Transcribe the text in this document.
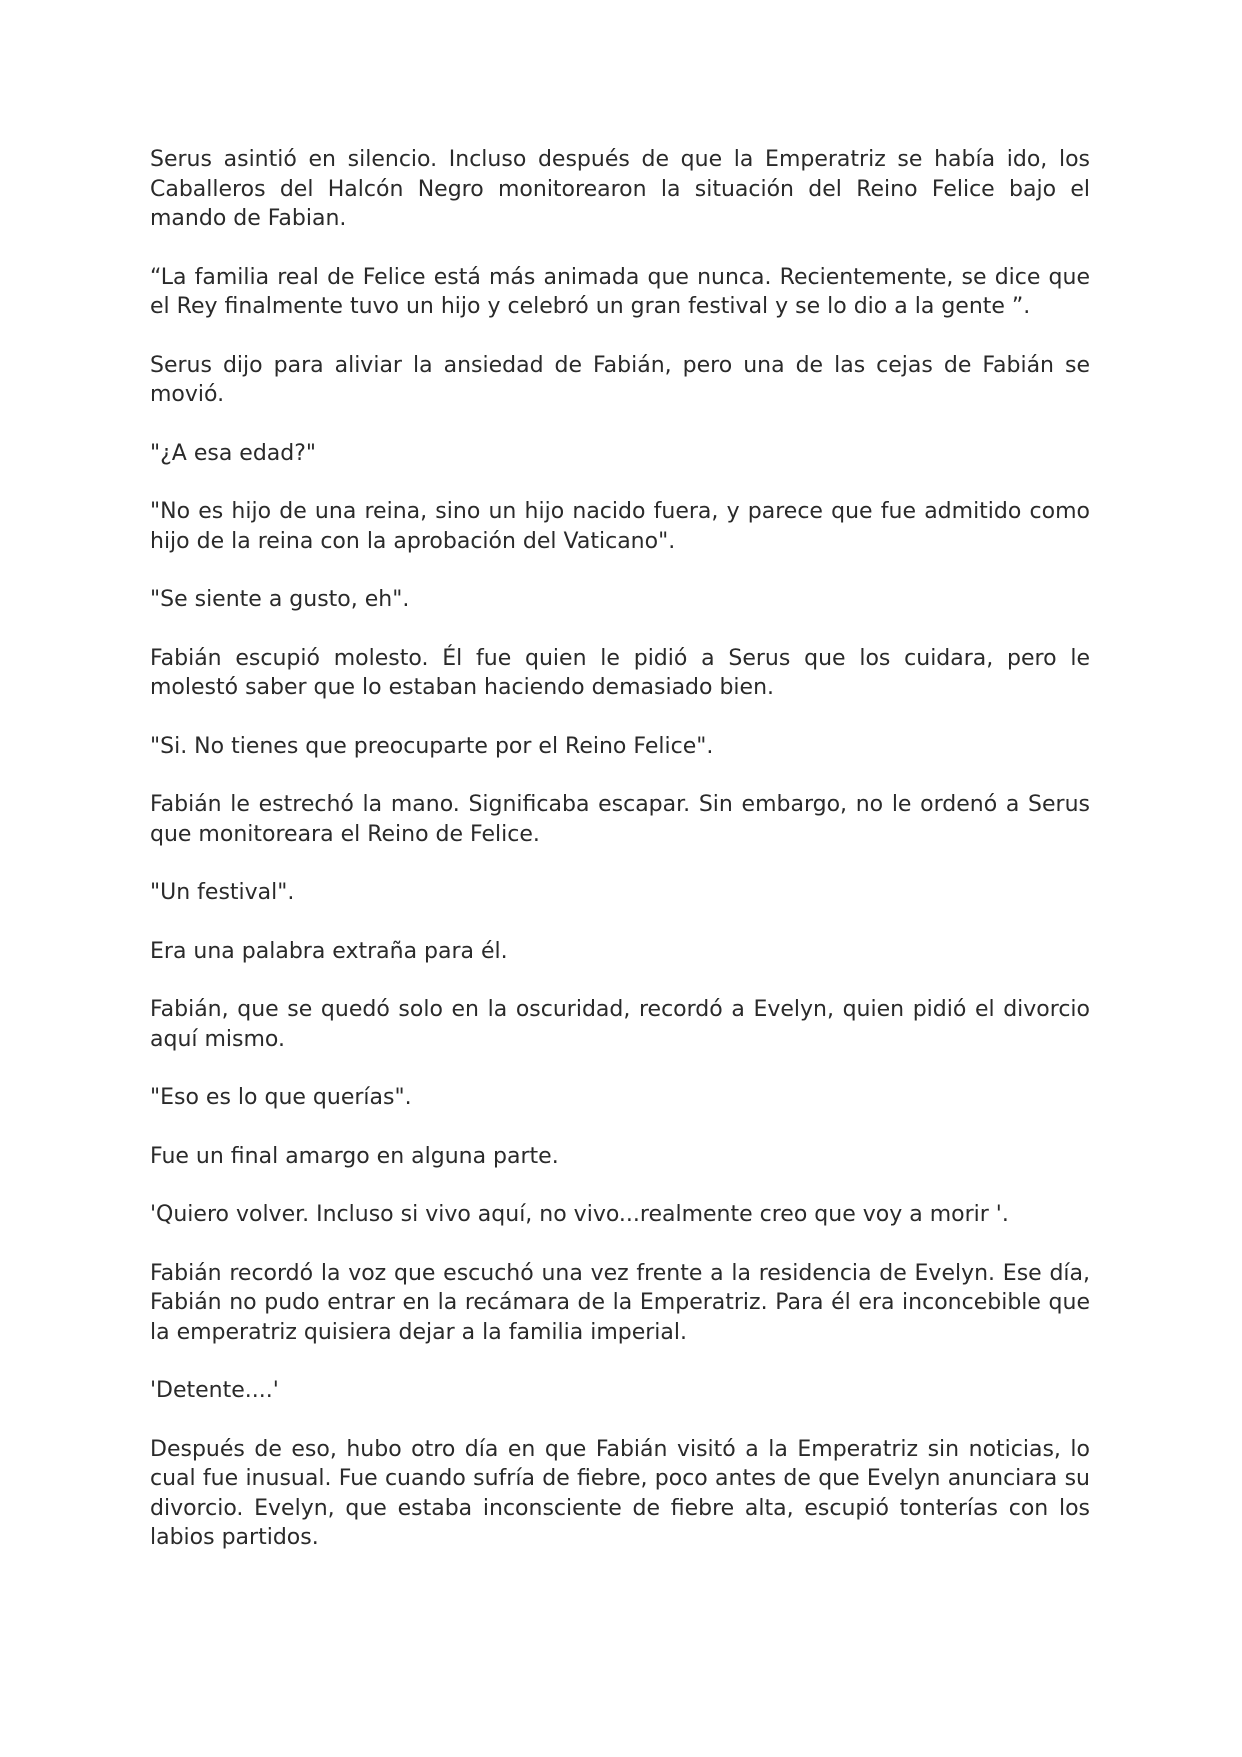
Serus asintió en silencio. Incluso después de que la Emperatriz se había ido, los Caballeros del Halcón Negro monitorearon la situación del Reino Felice bajo el mando de Fabian.

“La familia real de Felice está más animada que nunca. Recientemente, se dice que el Rey finalmente tuvo un hijo y celebró un gran festival y se lo dio a la gente ”.

Serus dijo para aliviar la ansiedad de Fabián, pero una de las cejas de Fabián se movió.

"¿A esa edad?"

"No es hijo de una reina, sino un hijo nacido fuera, y parece que fue admitido como hijo de la reina con la aprobación del Vaticano".

"Se siente a gusto, eh".

Fabián escupió molesto. Él fue quien le pidió a Serus que los cuidara, pero le molestó saber que lo estaban haciendo demasiado bien.

"Si. No tienes que preocuparte por el Reino Felice".

Fabián le estrechó la mano. Significaba escapar. Sin embargo, no le ordenó a Serus que monitoreara el Reino de Felice.

"Un festival".

Era una palabra extraña para él.

Fabián, que se quedó solo en la oscuridad, recordó a Evelyn, quien pidió el divorcio aquí mismo.

"Eso es lo que querías".

Fue un final amargo en alguna parte.

'Quiero volver. Incluso si vivo aquí, no vivo...realmente creo que voy a morir '.

Fabián recordó la voz que escuchó una vez frente a la residencia de Evelyn. Ese día, Fabián no pudo entrar en la recámara de la Emperatriz. Para él era inconcebible que la emperatriz quisiera dejar a la familia imperial.

'Detente....'

Después de eso, hubo otro día en que Fabián visitó a la Emperatriz sin noticias, lo cual fue inusual. Fue cuando sufría de fiebre, poco antes de que Evelyn anunciara su divorcio. Evelyn, que estaba inconsciente de fiebre alta, escupió tonterías con los labios partidos.
